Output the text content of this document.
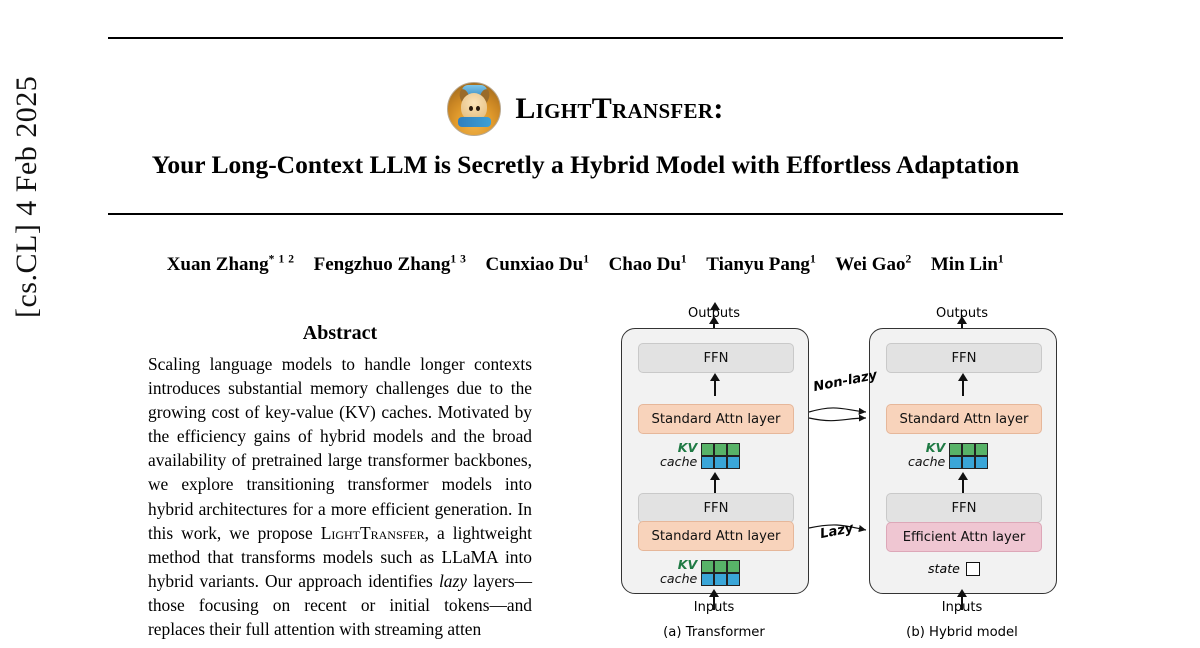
[cs.CL] 4 Feb 2025	LightTransfer:
Your Long-Context LLM is Secretly a Hybrid Model with Effortless Adaptation
Xuan Zhang$^{* 1 2}$  Fengzhuo Zhang$^{1 3}$  Cunxiao Du$^1$  Chao Du$^1$  Tianyu Pang$^1$  Wei Gao$^2$  Min Lin$^1$
Abstract
Scaling language models to handle longer contexts introduces substantial memory challenges due to the growing cost of key-value (KV) caches. Motivated by the efficiency gains of hybrid models and the broad availability of pretrained large transformer backbones, we explore transitioning transformer models into hybrid architectures for a more efficient generation. In this work, we propose LightTransfer, a lightweight method that transforms models such as LLaMA into hybrid variants. Our approach identifies lazy layers—those focusing on recent or initial tokens—and replaces their full attention with streaming atten
Outputs
FFN
Standard Attn layer
KV
cache
FFN
Standard Attn layer
KV
cache
Inputs
(a) Transformer
Outputs
FFN
Standard Attn layer
KV
cache
FFN
Efficient Attn layer
state
Inputs
(b) Hybrid model
Non-lazy
Lazy
